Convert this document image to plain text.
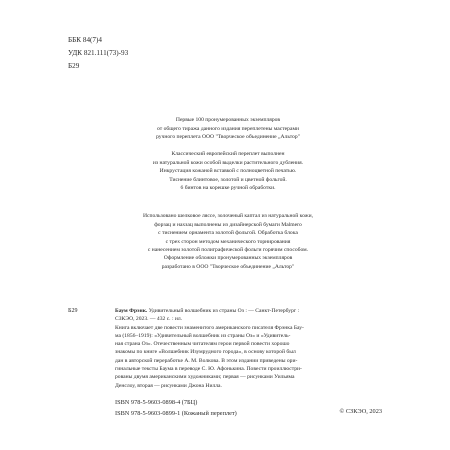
ББК 84(7)4
УДК 821.111(73)-93
Б29
Первые 100 пронумерованных экземпляров
от общего тиража данного издания переплетены мастерами
ручного переплета ООО "Творческое объединение „Альтор"
Классический европейский переплет выполнен
из натуральной кожи особой выделки растительного дубления.
Инкрустация кожаной вставкой с полноцветной печатью.
Тиснение блинтовое, золотой и цветной фольгой.
6 бинтов на корешке ручной обработки.
Использовано шелковое ляссе, золоченый каптал из натуральной кожи,
форзац и нахзац выполнены из дизайнерской бумаги Malmero
с тиснением орнамента золотой фольгой. Обработка блока
с трех сторон методом механического торнирования
с нанесением золотой полиграфической фольги горячим способом.
Оформление обложки пронумерованных экземпляров
разработано в ООО "Творческое объединение „Альтор"
Б29	Баум Фрэнк. Удивительный волшебник из страны Оз : — Санкт-Петербург :
СЗКЭО, 2023. — 432 с. : ил.
Книга включает две повести знаменитого американского писателя Фрэнка Бау-
ма (1856–1919): «Удивительный волшебник из страны Оз» и «Удивитель-
ная страна Оз». Отечественным читателям герои первой повести хорошо
знакомы по книге «Волшебник Изумрудного города», в основу которой был
дан в авторской переработке А. М. Волкова. В этом издании приведены ори-
гинальные тексты Баума в переводе С. Ю. Афонькина. Повести проиллюстри-
рованы двумя американскими художниками; первая — рисунками Уильяма
Денслоу, вторая — рисунками Джона Нилла.
ISBN 978-5-9603-0898-4 (7БЦ)
ISBN 978-5-9603-0899-1 (Кожаный переплет)	© СЗКЭО, 2023
